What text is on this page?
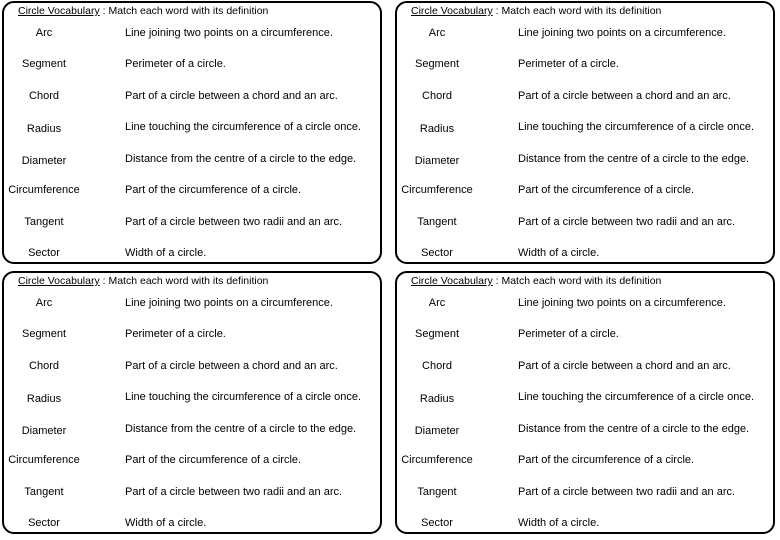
Circle Vocabulary : Match each word with its definition
Arc	Line joining two points on a circumference.
Segment	Perimeter of a circle.
Chord	Part of a circle between a chord and an arc.
Radius	Line touching the circumference of a circle once.
Diameter	Distance from the centre of a circle to the edge.
Circumference	Part of the circumference of a circle.
Tangent	Part of a circle between two radii and an arc.
Sector	Width of a circle.
Circle Vocabulary : Match each word with its definition
Arc	Line joining two points on a circumference.
Segment	Perimeter of a circle.
Chord	Part of a circle between a chord and an arc.
Radius	Line touching the circumference of a circle once.
Diameter	Distance from the centre of a circle to the edge.
Circumference	Part of the circumference of a circle.
Tangent	Part of a circle between two radii and an arc.
Sector	Width of a circle.
Circle Vocabulary : Match each word with its definition
Arc	Line joining two points on a circumference.
Segment	Perimeter of a circle.
Chord	Part of a circle between a chord and an arc.
Radius	Line touching the circumference of a circle once.
Diameter	Distance from the centre of a circle to the edge.
Circumference	Part of the circumference of a circle.
Tangent	Part of a circle between two radii and an arc.
Sector	Width of a circle.
Circle Vocabulary : Match each word with its definition
Arc	Line joining two points on a circumference.
Segment	Perimeter of a circle.
Chord	Part of a circle between a chord and an arc.
Radius	Line touching the circumference of a circle once.
Diameter	Distance from the centre of a circle to the edge.
Circumference	Part of the circumference of a circle.
Tangent	Part of a circle between two radii and an arc.
Sector	Width of a circle.
